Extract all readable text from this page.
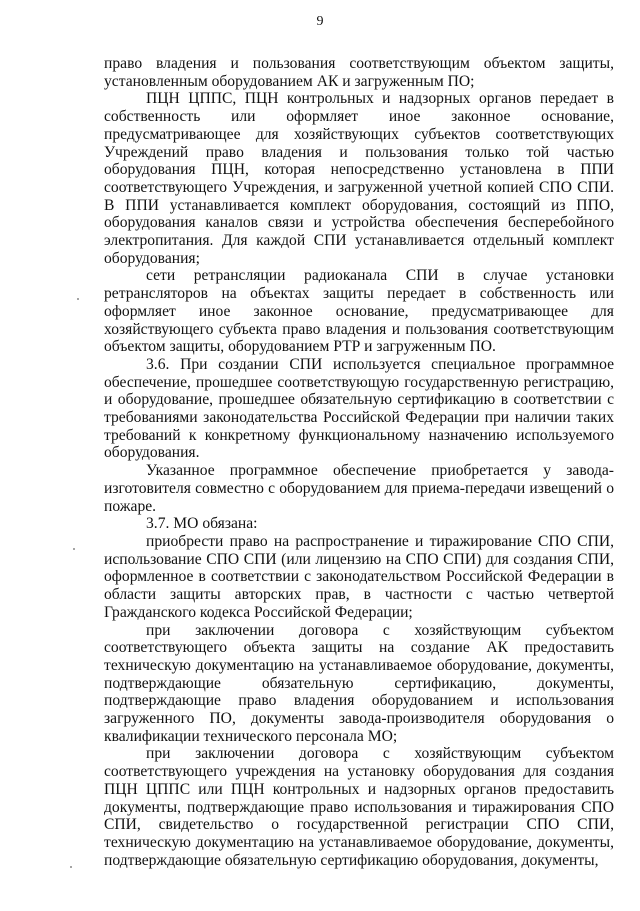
9

право владения и пользования соответствующим объектом защиты, установленным оборудованием АК и загруженным ПО;

ПЦН ЦППС, ПЦН контрольных и надзорных органов передает в собственность или оформляет иное законное основание, предусматривающее для хозяйствующих субъектов соответствующих Учреждений право владения и пользования только той частью оборудования ПЦН, которая непосредственно установлена в ППИ соответствующего Учреждения, и загруженной учетной копией СПО СПИ. В ППИ устанавливается комплект оборудования, состоящий из ППО, оборудования каналов связи и устройства обеспечения бесперебойного электропитания. Для каждой СПИ устанавливается отдельный комплект оборудования;

сети ретрансляции радиоканала СПИ в случае установки ретрансляторов на объектах защиты передает в собственность или оформляет иное законное основание, предусматривающее для хозяйствующего субъекта право владения и пользования соответствующим объектом защиты, оборудованием РТР и загруженным ПО.

3.6. При создании СПИ используется специальное программное обеспечение, прошедшее соответствующую государственную регистрацию, и оборудование, прошедшее обязательную сертификацию в соответствии с требованиями законодательства Российской Федерации при наличии таких требований к конкретному функциональному назначению используемого оборудования.

Указанное программное обеспечение приобретается у завода-изготовителя совместно с оборудованием для приема-передачи извещений о пожаре.

3.7. МО обязана:

приобрести право на распространение и тиражирование СПО СПИ, использование СПО СПИ (или лицензию на СПО СПИ) для создания СПИ, оформленное в соответствии с законодательством Российской Федерации в области защиты авторских прав, в частности с частью четвертой Гражданского кодекса Российской Федерации;

при заключении договора с хозяйствующим субъектом соответствующего объекта защиты на создание АК предоставить техническую документацию на устанавливаемое оборудование, документы, подтверждающие обязательную сертификацию, документы, подтверждающие право владения оборудованием и использования загруженного ПО, документы завода-производителя оборудования о квалификации технического персонала МО;

при заключении договора с хозяйствующим субъектом соответствующего учреждения на установку оборудования для создания ПЦН ЦППС или ПЦН контрольных и надзорных органов предоставить документы, подтверждающие право использования и тиражирования СПО СПИ, свидетельство о государственной регистрации СПО СПИ, техническую документацию на устанавливаемое оборудование, документы, подтверждающие обязательную сертификацию оборудования, документы,
